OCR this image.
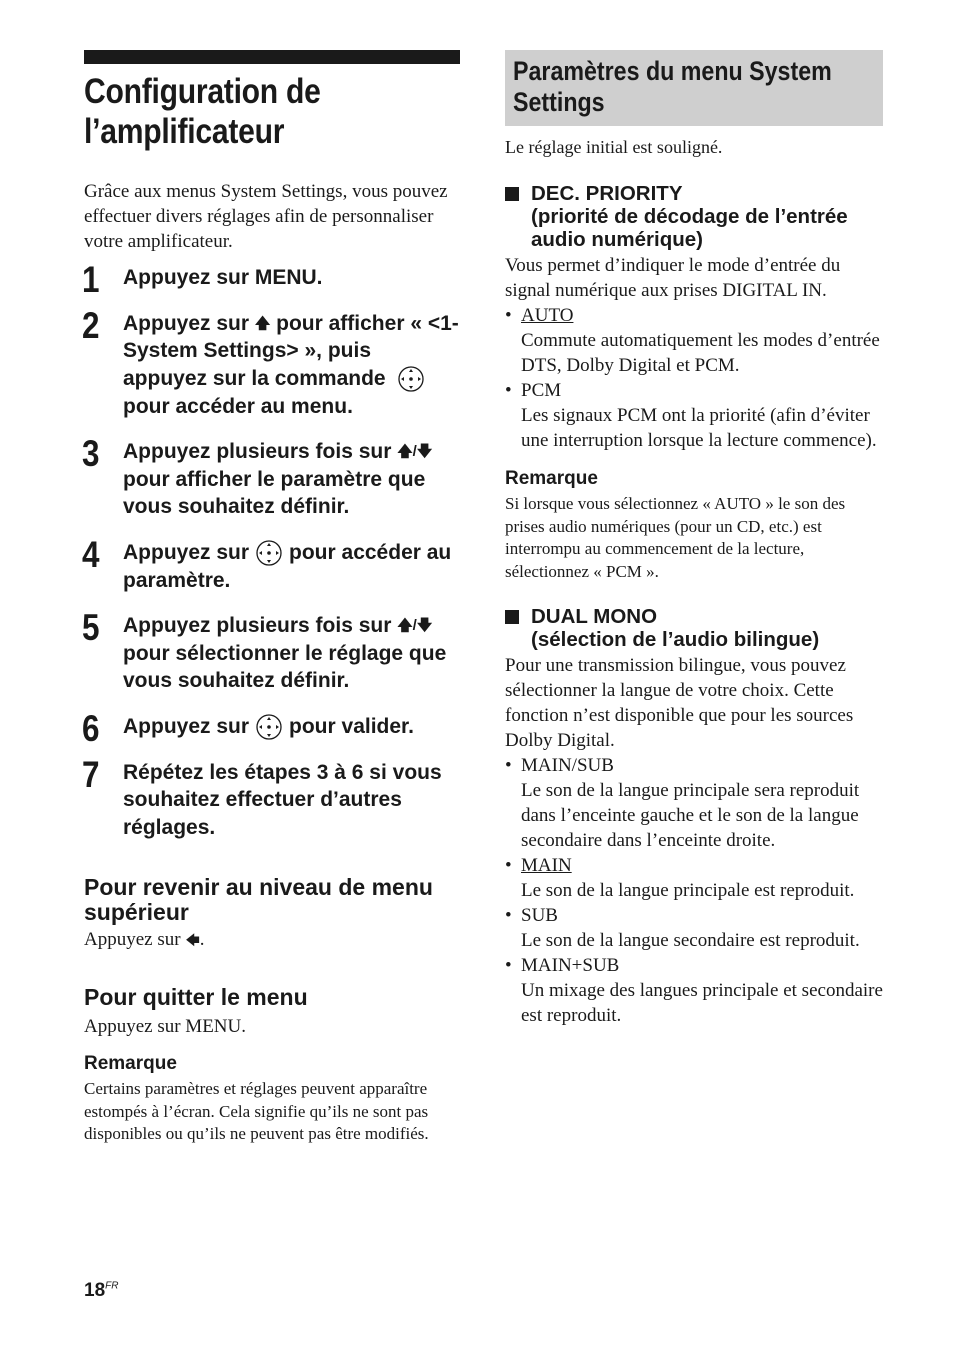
Configuration de
l’amplificateur

Grâce aux menus System Settings, vous pouvez effectuer divers réglages afin de personnaliser votre amplificateur.

1 Appuyez sur MENU.

2 Appuyez sur 🡅 pour afficher « <1-System Settings> », puis appuyez sur la commande
pour accéder au menu.

3 Appuyez plusieurs fois sur 🡅/🡇 pour afficher le paramètre que vous souhaitez définir.

4 Appuyez sur pour accéder au paramètre.

5 Appuyez plusieurs fois sur 🡅/🡇 pour sélectionner le réglage que vous souhaitez définir.

6 Appuyez sur pour valider.

7 Répétez les étapes 3 à 6 si vous souhaitez effectuer d’autres réglages.

Pour revenir au niveau de menu supérieur

Appuyez sur 🡄.

Pour quitter le menu

Appuyez sur MENU.

Remarque

Certains paramètres et réglages peuvent apparaître estompés à l’écran. Cela signifie qu’ils ne sont pas disponibles ou qu’ils ne peuvent pas être modifiés.

Paramètres du menu System Settings

Le réglage initial est souligné.

DEC. PRIORITY
(priorité de décodage de l’entrée audio numérique)

Vous permet d’indiquer le mode d’entrée du signal numérique aux prises DIGITAL IN.

• AUTO
Commute automatiquement les modes d’entrée DTS, Dolby Digital et PCM.
• PCM
Les signaux PCM ont la priorité (afin d’éviter une interruption lorsque la lecture commence).

Remarque

Si lorsque vous sélectionnez « AUTO » le son des prises audio numériques (pour un CD, etc.) est interrompu au commencement de la lecture, sélectionnez « PCM ».

DUAL MONO
(sélection de l’audio bilingue)

Pour une transmission bilingue, vous pouvez sélectionner la langue de votre choix. Cette fonction n’est disponible que pour les sources Dolby Digital.

• MAIN/SUB
Le son de la langue principale sera reproduit dans l’enceinte gauche et le son de la langue secondaire dans l’enceinte droite.
• MAIN
Le son de la langue principale est reproduit.
• SUB
Le son de la langue secondaire est reproduit.
• MAIN+SUB
Un mixage des langues principale et secondaire est reproduit.
$18^{FR}$
